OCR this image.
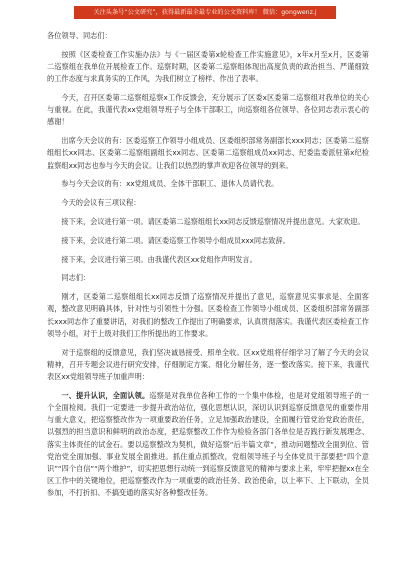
关注头条号“公文研究”，获得最新最全最专业的公文资料库！ 微信：gongwenz.j

各位领导、同志们：

按照《区委检查工作实施办法》与《一届区委第x轮检查工作实施意见》，x年x月至x月，区委第二巡察组在我单位开展检查工作。巡察时期，区委第二巡察组体现出高度负责的政治担当、严谨细致的工作态度与求真务实的工作风，为我们树立了榜样、作出了表率。

今天，召开区委第二巡察组巡察x工作反馈会，充分展示了区委x区委第二巡察组对我单位的关心与重视。在此，我谨代表xx党组领导班子与全体干部职工，向巡察组各位领导、各位同志表示衷心的感谢！

出席今天会议的有：区委巡察工作领导小组成员、区委组织部常务副部长xxx同志；区委第二巡察组组长xx同志、区委第二巡察组副组长xx同志、区委第二巡察组成员xx同志、纪委监委派驻第x纪检监察组xx同志也参与今天的会议。让我们以热烈的掌声欢迎各位领导的到来。

参与今天会议的有：xx党组成员、全体干部职工、退休人员请代表。

今天的会议有三项议程：

接下来，会议进行第一项。请区委第二巡察组组长xx同志反馈巡察情况并提出意见。大家欢迎。

接下来，会议进行第二项。请区委巡察工作领导小组成员xxx同志致辞。

接下来，会议进行第三项。由我谨代表区xx党组作声明发言。

同志们：

刚才，区委第二巡察组组长xx同志反馈了巡察情况并提出了意见，巡察意见实事求是、全面客观，整改意见明确具体，针对性与引领性十分强。区委检查工作领导小组成员、区委组织部常务副部长xxx同志作了重要讲话，对我们的整改工作提出了明确要求，认真贯彻落实。我谨代表区委检查工作领导小组，对于上级对我们工作所提出的工作要求。

对于巡察组的反馈意见，我们坚决诚恳接受、照单全收。区xx党组将仔细学习了解了今天的会议精神，召开专题会议进行研究安排，仔细制定方案、细化分解任务，逐一整改落实。接下来，我谨代表区xx党组领导班子加重声明：

一、提升认识，全面认领。巡察是对我单位各种工作的一个集中体检，也是对党组领导班子的一个全面检阅。我们一定要进一步提升政治站位，强化思想认识，深切认识到巡察反馈意见的重要作用与重大意义，把巡察整改作为一项重要政治任务，立足加强政治建设，全面履行管党治党政治责任，以强烈的担当意识和鲜明的政治态度，把巡察整改工作作为检验各部门各单位是否践行新发展理念、落实主体责任的试金石。要以巡察整改为契机，做好巡察“后半篇文章”，推动问题整改全面到位、管党治党全面加强、事业发展全面推进。抓住重点抓整改，党组领导班子与全体党员干部要把“四个意识”“四个自信”“两个维护”，切实把思想行动统一到巡察反馈意见的精神与要求上来，牢牢把握xx在全区工作中的关键地位，把巡察整改作为一项重要的政治任务、政治使命，以上率下、上下联动，全员参加，不打折扣、不搞变通的落实好各种整改任务。
